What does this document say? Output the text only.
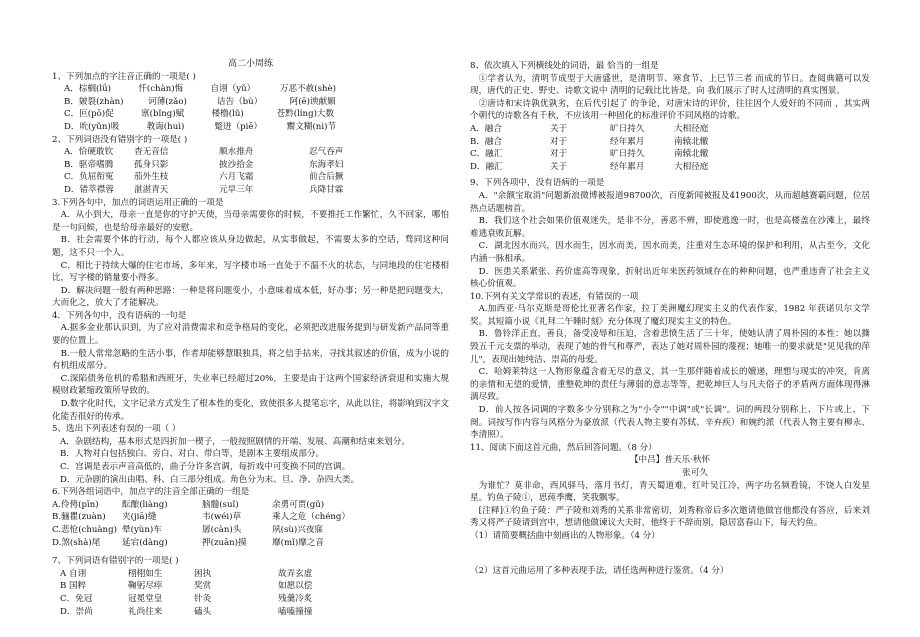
高二小周练
1、下列加点的字注音正确的一项是( )
A．棕榈(lǘ)          忏(chàn)悔          自诩（yǔ）         万恶不赦(shè)
B．皴裂(zhàn)         诃薄(zǎo)           诘告（bù）          阿(ē)谀献媚
C．叵(pō)促          禀(bǐng)赋          楼橹(lǔ)            苍黔(líng)大数
D．吮(yǔn)吸          教诲(huì)           蹩迸（piē）         鬻文糊(nì)节
2、下列词语没有错别字的一项是( )
A．恰硬敢钦	杳无音信	顺水推舟	忍气吞声
B．驱帝嗜腾	孤身只影	披沙拾金	东海孝妇
C．负屈衔冤	茄外生枝	六月飞霜	前合后撅
D．错萃襟蓉	湛湛青天	元旱三年	兵降甘霖
3.下列各句中，加点的词语运用正确的一项是
A．从小到大，母亲一直是你的守护天使，当母亲需要你的时候，不要推托工作繁忙，久不回家，哪怕是一句问候，也是给母亲最好的安慰。
B．社会需要个体的行动，每个人都应该从身边做起，从实事做起，不需要太多的空话，骛同这种问题，这不只一个人。
C．相比于持续大爆的住宅市场，多年来，写字楼市场一直处于不温不火的状态，与同地段的住宅楼相比，写字楼的销量要小得多。
D．解决问题一般有两种思路：一种是将问题变小，小意味着成本低，好办事；另一种是把问题变大，大而化之，放大了才能解决。
4．下列各句中，没有语病的一句是
A.据多金业那认识到，为了应对消费需求和竞争格局的变化，必须把改进服务提到与研发新产品同等重要的位置上。
B.一般人常常忽略的生活小事，作者却能够慧眼独具，将之信手拈来，寻找其叙述的价值，成为小说的有机组成部分。
C.深陷债务危机的希腊和西班牙，失业率已经超过20%，主要是由于这两个国家经济衰退和实施大规模财政紧缩政策所导致的。
D.数字化时代，文字记录方式发生了根本性的变化，致使很多人提笔忘字，从此以往，将影响到汉字文化能否很好的传承。
5、选出下列表述有误的一项（ ）
A．杂剧结构，基本形式是四折加一楔子，一般按照剧情的开端、发展、高潮和结束来划分。
B．人物对白包括独白、旁白、对白、带白等，是剧本主要组成部分。
C．宫调是表示声音高低的，曲子分许多宫调，每折戏中可变换不同的宫调。
D．元杂剧的演出由唱、科、白三部分组成。角色分为末、旦、净、杂四大类。
6.下列各组词语中，加点字的注音全部正确的一组是
A.伶俜(pīn)	酝酿(liàng)	脑髓(suǐ)	余勇可贾(gǔ)
B.骊瞿(zuàn)	夹(jiā)缝	韦(wéi)草	乘人之危（chéng）
C.悲怆(chuàng) 晕(yùn)车	孱(càn)头	夙(sù)兴夜寐
D.煞(shà)尾	延宕(dàng)	押(zuān)摸	靡(mǐ)靡之音
7、下列词语有错别字的一项是( )
A 自诩	栩栩如生	困执	故弄玄虚
B 国粹	鞠躬尽瘁	奖赏	如愿以偿
C．免冠	冠冕堂皇	针灸	残羹冷炙
D．崇尚	礼尚往来	磕头	嗑嗑撞撞
8、依次填入下列横线处的词语，最 恰当的一组是
①学者认为，清明节成型于大唐盛世，是清明节、寒食节、上巳节三者 而成的节日。查阅典籍可以发现，唐代的正史、野史、诗歌文说中 清明的记载比比皆是，向 我们展示了时人过清明的真实图景。
②唐诗和宋诗孰优孰劣，在后代引起了 的争论，对唐宋诗的评价，往往因个人爱好的不同而 ，其实两个朝代的诗歌各有千秋，不应该用一种固化的标准评价不同风格的诗歌。
A．融合	关于	旷日持久	大相径庭
B．融合	对于	经年累月	南辕北辙
C．融汇	对于	旷日持久	南辕北辙
D．融汇	关于	经年累月	大相径庭
9、下列各项中，没有语病的一项是
A．"余额宝取消"问题新浪微博被报道98700次，百度新闻被报及41900次，从而超越赛霸问题，位居热点话题榜首。
B．我们这个社会如果价值观迷失，是非不分，善恶不辨，即使逃逸一时，也是高楼盖在沙滩上，最终难逃衰败瓦解。
C．湖北因水而兴，因水而生，因水而美，因水而美，注重对生态环境的保护和利用，从古至今，文化内涵一脉相承。
D．医患关系紧张、药价虚高等现象，折射出近年来医药领域存在的种种问题，也严重违背了社会主义核心价值观。
10.下列有关文学常识的表述，有错误的一项
A.加西亚·马尔克斯是哥伦比亚著名作家，拉丁美洲魔幻现实主义的代表作家，1982 年获诺贝尔文学奖。其短篇小说《礼拜二午睡时刻》充分体现了魔幻现实主义的特色。
B．鲁铃洋正直，善良，备受凌辱和压迫，含着悲愤生活了三十年，使她认清了周朴园的本性：她以撕毁五千元支票的举动，表现了她的骨气和尊严，表达了她对周朴园的蔑视；她唯一的要求就是"见见我的萍儿"，表现出她纯洁、崇高的母爱。
C．哈姆莱特这一人物形象蕴含着无尽的意义，其一生那伴随着成长的嬗递，理想与现实的冲突，肯离的亲情和无望的爱情，重整乾坤的责任与薄弱的意志等等，把乾坤巨人与凡夫俗子的矛盾两方面体现得淋漓尽致。
D．前人按各词调的字数多少分别称之为"小令""中调"或"长调"。词的两段分别称上、下片或上、下阕。词按写作内容与风格分为豪放派（代表人物主要有苏轼、辛弃疾）和婉约派（代表人物主要有柳永、李清照）。
11、阅读下面这首元曲，然后回答问题。（8 分）
【中吕】普天乐·秋怀
张可久
为谁忙？莫非命，西风驿马，落月书灯，青天蜀道难，红叶吴江冷，两字功名频看镜，不饶人白发星星。钓鱼子陵①，思莼季鹰，笑我飘零。
[注释]①钓鱼子陵：严子陵和刘秀的关系非常密切，刘秀称帝后多次邀请他做官他都没有答应，后来刘秀又将严子陵请到宫中，想请他做谏议大夫时，他终于不辞而别，隐居富春山下，每天钓鱼。
（1）请简要概括曲中刻画出的人物形象。（4 分）
（2）这首元曲运用了多种表现手法，请任选两种进行鉴赏。（4 分）
